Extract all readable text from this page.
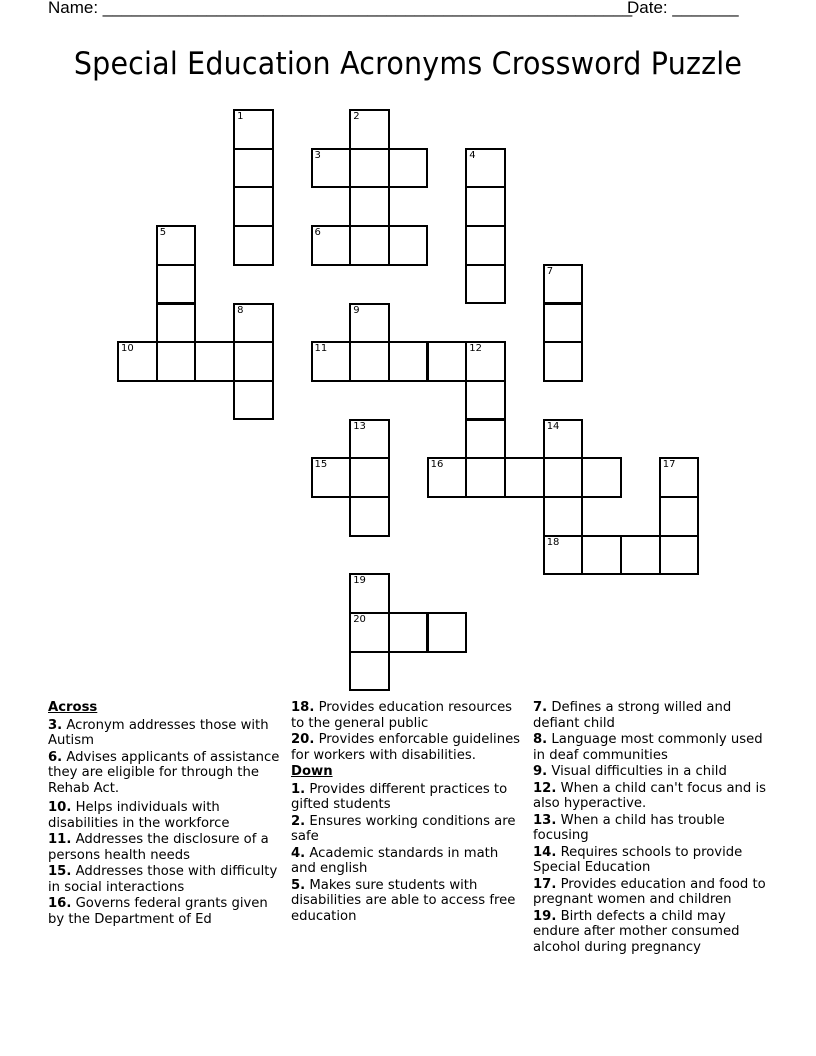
Name: ________________________________________________________
Date: _______
Special Education Acronyms Crossword Puzzle
1	2
3	4
5	6
7
8	9
10	11	12
13	14
18
15	16	17
19
20
Across
3. Acronym addresses those with Autism
6. Advises applicants of assistance they are eligible for through the Rehab Act.
10. Helps individuals with disabilities in the workforce
11. Addresses the disclosure of a persons health needs
15. Addresses those with difficulty in social interactions
16. Governs federal grants given by the Department of Ed
18. Provides education resources to the general public
20. Provides enforcable guidelines for workers with disabilities.
Down
1. Provides different practices to gifted students
2. Ensures working conditions are safe
4. Academic standards in math and english
5. Makes sure students with disabilities are able to access free education
7. Defines a strong willed and defiant child
8. Language most commonly used in deaf communities
9. Visual difficulties in a child
12. When a child can't focus and is also hyperactive.
13. When a child has trouble focusing
14. Requires schools to provide Special Education
17. Provides education and food to pregnant women and children
19. Birth defects a child may endure after mother consumed alcohol during pregnancy
